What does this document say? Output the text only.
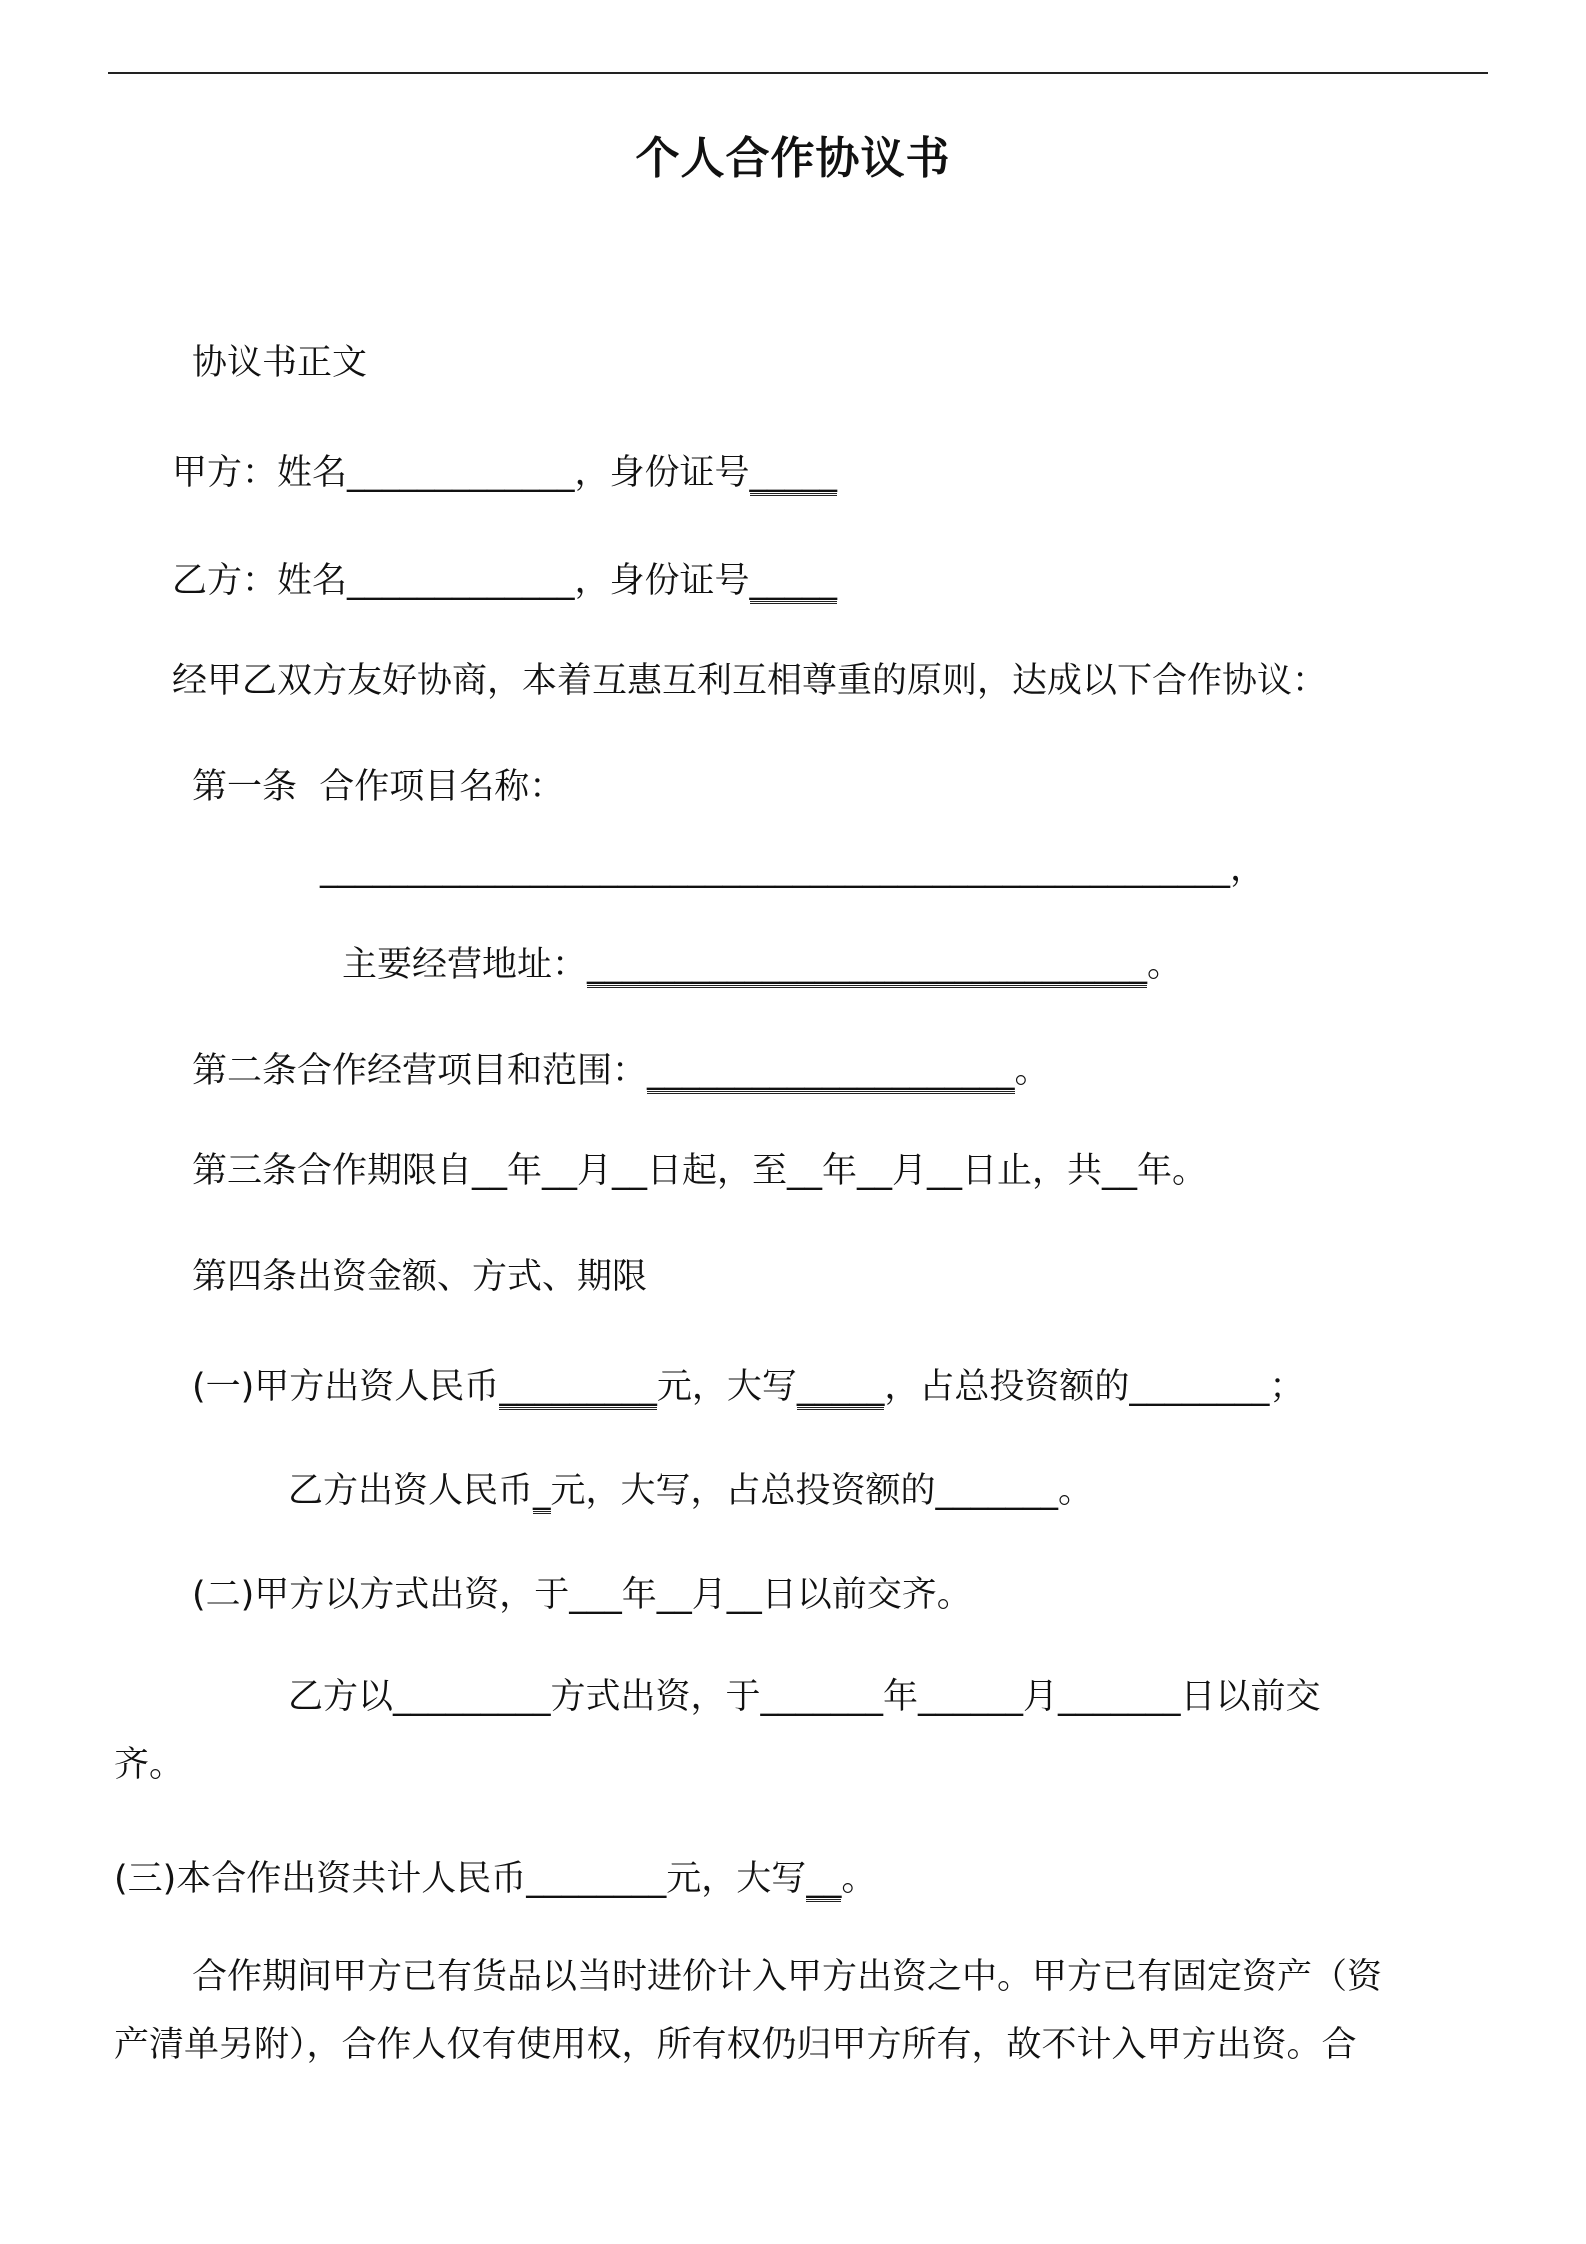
个人合作协议书
协议书正文
甲方：姓名_____________，身份证号_____
乙方：姓名_____________，身份证号_____
经甲乙双方友好协商，本着互惠互利互相尊重的原则，达成以下合作协议：
第一条  合作项目名称：
____________________________________________________，
主要经营地址：________________________________。
第二条合作经营项目和范围：_____________________。
第三条合作期限自__年__月__日起，至__年__月__日止，共__年。
第四条出资金额、方式、期限
(一)甲方出资人民币_________元，大写_____，占总投资额的________；
乙方出资人民币_元，大写，占总投资额的_______。
(二)甲方以方式出资，于___年__月__日以前交齐。
乙方以_________方式出资，于_______年______月_______日以前交
齐。
(三)本合作出资共计人民币________元，大写__。
合作期间甲方已有货品以当时进价计入甲方出资之中。甲方已有固定资产（资
产清单另附），合作人仅有使用权，所有权仍归甲方所有，故不计入甲方出资。合
